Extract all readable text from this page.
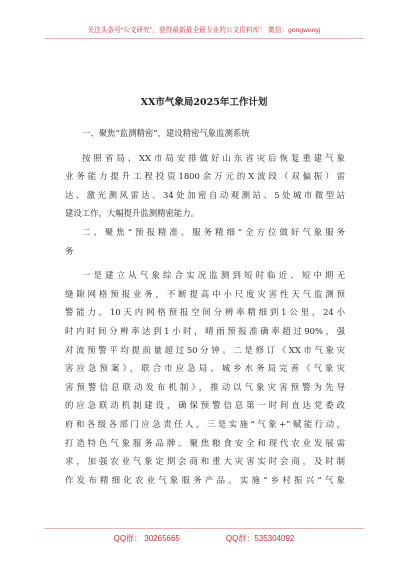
关注头条号“公文研究”，获得最新最全最专业的公文资料库！ 微信：gongwenyj
XX市气象局2025年工作计划
一、聚焦“监测精密”，建设精密气象监测系统
按照省局、XX市局安排做好山东省灾后恢复重建气象
业务能力提升工程投资1800余万元的X波段（双偏振）雷
达、激光测风雷达、34处加密自动观测站、5处城市微型站
建设工作，大幅提升监测精密能力。
二、聚焦“预报精准、服务精细”全方位做好气象服务
务
一是建立从气象综合实况监测到短时临近、短中期无
缝隙网格预报业务，不断提高中小尺度灾害性天气监测预
警能力。10天内网格预报空间分辨率精细到1公里，24小
时内时间分辨率达到1小时，晴雨预报准确率超过90%，强
对流预警平均提前量超过50分钟。二是修订《XX市气象灾
害应急预案》，联合市应急局、城乡水务局完善《气象灾
害预警信息联动发布机制》，推动以气象灾害预警为先导
的应急联动机制建设，确保预警信息第一时间直达党委政
府和各级各部门应急责任人。三是实施“气象+”赋能行动，
打造特色气象服务品牌。聚焦粮食安全和现代农业发展需
求，加强农业气象定期会商和重大灾害实时会商，及时制
作发布精细化农业气象服务产品。实施“乡村振兴”气象
QQ群： 30265665	QQ群：535304092
